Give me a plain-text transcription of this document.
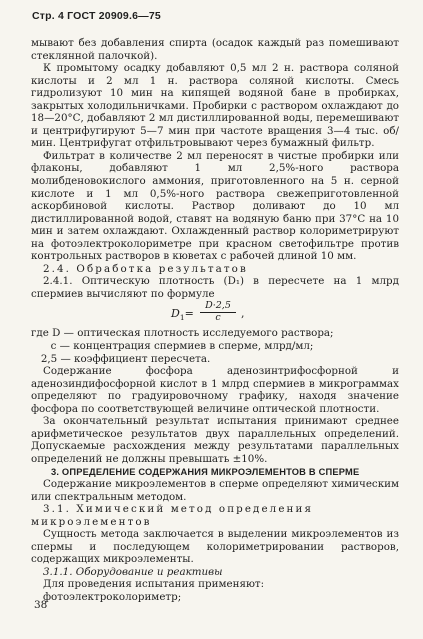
Стр. 4 ГОСТ 20909.6—75

мывают без добавления спирта (осадок каждый раз помешивают стеклянной палочкой).

К промытому осадку добавляют 0,5 мл 2 н. раствора соляной кислоты и 2 мл 1 н. раствора соляной кислоты. Смесь гидролизуют 10 мин на кипящей водяной бане в пробирках, закрытых холодильничками. Пробирки с раствором охлаждают до 18—20°С, добавляют 2 мл дистиллированной воды, перемешивают и центрифугируют 5—7 мин при частоте вращения 3—4 тыс. об/мин. Центрифугат отфильтровывают через бумажный фильтр.

Фильтрат в количестве 2 мл переносят в чистые пробирки или флаконы, добавляют 1 мл 2,5%-ного раствора молибденовокислого аммония, приготовленного на 5 н. серной кислоте и 1 мл 0,5%-ного раствора свежеприготовленной аскорбиновой кислоты. Раствор доливают до 10 мл дистиллированной водой, ставят на водяную баню при 37°С на 10 мин и затем охлаждают. Охлажденный раствор колориметрируют на фотоэлектроколориметре при красном светофильтре против контрольных растворов в кюветах с рабочей длиной 10 мм.

2.4. Обработка результатов

2.4.1. Оптическую плотность (D₁) в пересчете на 1 млрд спермиев вычисляют по формуле

$D_1=$
D·2,5
c	,

где D — оптическая плотность исследуемого раствора;

с — концентрация спермиев в сперме, млрд/мл;

2,5 — коэффициент пересчета.

Содержание фосфора аденозинтрифосфорной и аденозиндифосфорной кислот в 1 млрд спермиев в микрограммах определяют по градуировочному графику, находя значение фосфора по соответствующей величине оптической плотности.

За окончательный результат испытания принимают среднее арифметическое результатов двух параллельных определений. Допускаемые расхождения между результатами параллельных определений не должны превышать ±10%.

3. ОПРЕДЕЛЕНИЕ СОДЕРЖАНИЯ МИКРОЭЛЕМЕНТОВ В СПЕРМЕ

Содержание микроэлементов в сперме определяют химическим или спектральным методом.

3.1. Химический метод определения микроэлементов

Сущность метода заключается в выделении микроэлементов из спермы и последующем колориметрировании растворов, содержащих микроэлементы.

3.1.1. Оборудование и реактивы

Для проведения испытания применяют:

фотоэлектроколориметр;

38
